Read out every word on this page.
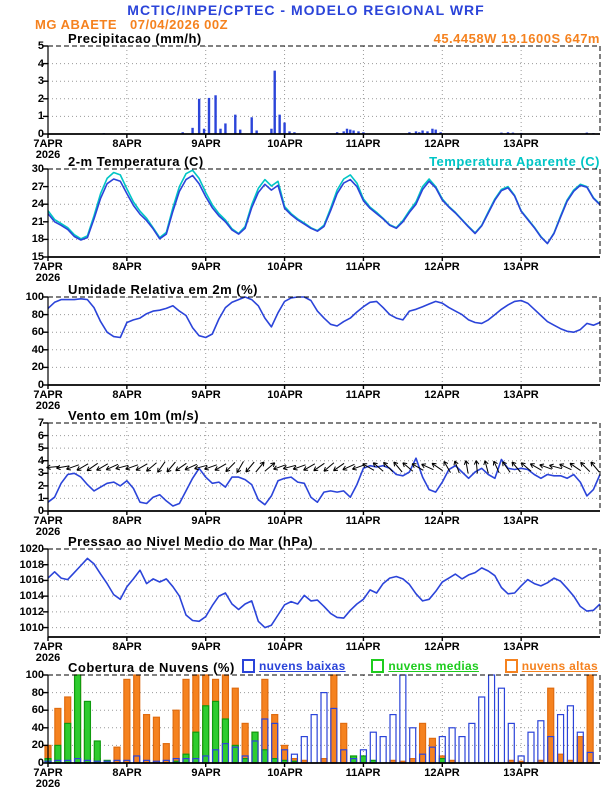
MCTIC/INPE/CPTEC - MODELO REGIONAL WRF
MG ABAETE 07/04/2026 00Z
45.4458W 19.1600S 647m
Precipitacao (mm/h)
2-m Temperatura (C)	Temperatura Aparente (C)
Umidade Relativa em 2m (%)
Vento em 10m (m/s)
Pressao ao Nivel Medio do Mar (hPa)
Cobertura de Nuvens (%) nuvens baixas	nuvens medias	nuvens altas
0
1
2
3
4
5
7APR
2026
8APR	9APR	10APR	11APR	12APR	13APR
15
18
21
24
27
30
7APR
2026
8APR	9APR	10APR	11APR	12APR	13APR
0
20
40
60
80
100
7APR
2026
8APR	9APR	10APR	11APR	12APR	13APR
0
1
2
3
4
5
6
7
7APR
2026
8APR	9APR	10APR	11APR	12APR	13APR
1010
1012
1014
1016
1018
1020
7APR
2026
8APR	9APR	10APR	11APR	12APR	13APR
0
20
40
60
80
100
7APR
2026
8APR	9APR	10APR	11APR	12APR	13APR
